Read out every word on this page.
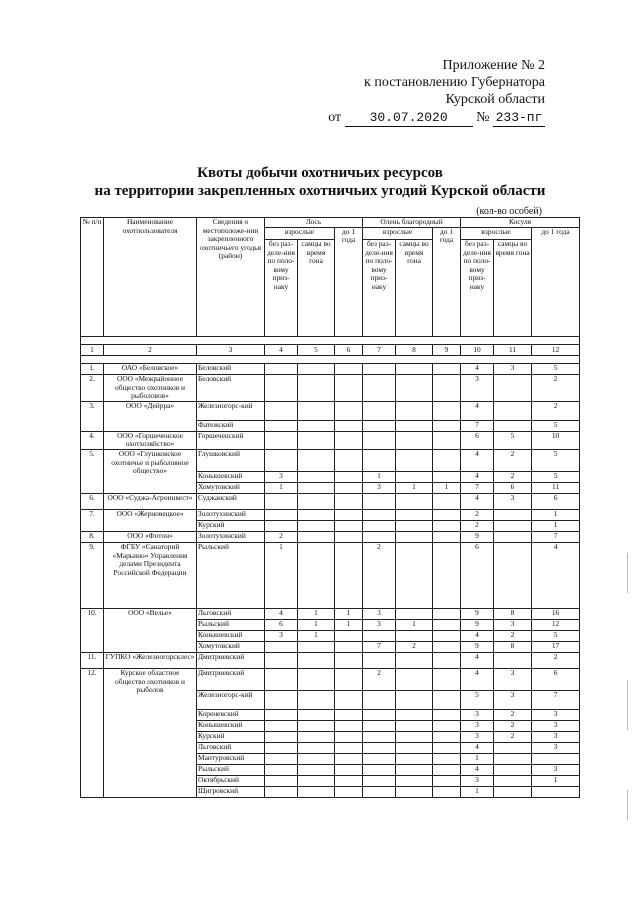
Приложение № 2
к постановлению Губернатора
Курской области
от 30.07.2020 № 233-пг
Квоты добычи охотничьих ресурсов
на территории закрепленных охотничьих угодий Курской области
(кол-во особей)
№ п/п	Наименование охотпользователя	Сведения о местоположе-нии закрепленного охотничьего угодья (район)	Лось			Олень благородный			Косуля		
			взрослые		до 1 года	взрослые		до 1 года	взрослые		до 1 года
			без раз-деле-ния по поло-вому приз-наку	самцы во время гона		без раз-деле-ния по поло-вому приз-наку	самцы во время гона		без раз-деле-ния по поло-вому приз-наку	самцы во время гона	

1	2	3	4	5	6	7	8	9	10	11	12

1.	ОАО «Беловское»	Беловский							4	3	5
2.	ООО «Межрайонное общество охотников и рыболовов»	Беловский							3		2
3.	ООО «Дейрра»	Железногорс-кий							4		2
		Фатежский							7		5
4.	ООО «Горшеченское охотхозяйство»	Горшеченский							6	5	10
5.	ООО «Глушковское охотничье и рыболовное общество»	Глушковский							4	2	5
		Конышевский	3			1			4	2	5
		Хомутовский	1			3	1	1	7	6	11
6.	ООО «Суджа-Агроинвест»	Суджанский							4	3	6
7.	ООО «Жерновецкое»	Золотухинский							2		1
		Курский							2		1
8.	ООО «Фотон»	Золотухинский	2						9		7
9.	ФГБУ «Санаторий «Марьино» Управления делами Президента Российской Федерации	Рыльский	1			2			6		4
10.	ООО «Велье»	Льговский	4	1	1	3			9	8	16
		Рыльский	6	1	1	3	1		9	3	12
		Конышевский	3	1					4	2	5
		Хомутовский				7	2		9	8	17
11.	ГУПКО «Железногорсклес»	Дмитриевский							4		2
12.	Курское областное общество охотников и рыболов	Дмитриевский				2			4	3	6
		Железногорс-кий							5	3	7
		Кореневский							3	2	3
		Конышевский							3	2	3
		Курский							3	2	3
		Льговский							4		3
		Мантуровский							1		
		Рыльский							4		3
		Октябрьский							3		1
		Щигровский							1		
